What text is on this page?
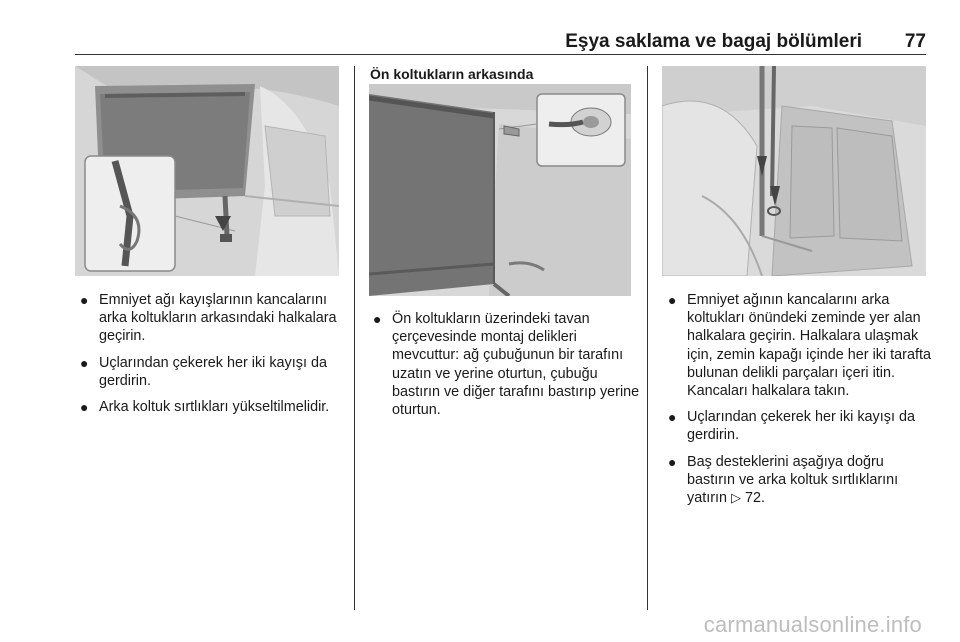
Eşya saklama ve bagaj bölümleri 77
● Emniyet ağı kayışlarının kancalarını arka koltukların arkasındaki halkalara geçirin.
● Uçlarından çekerek her iki kayışı da gerdirin.
● Arka koltuk sırtlıkları yükseltilmelidir.
Ön koltukların arkasında
● Ön koltukların üzerindeki tavan çerçevesinde montaj delikleri mevcuttur: ağ çubuğunun bir tarafını uzatın ve yerine oturtun, çubuğu bastırın ve diğer tarafını bastırıp yerine oturtun.
● Emniyet ağının kancalarını arka koltukları önündeki zeminde yer alan halkalara geçirin. Halkalara ulaşmak için, zemin kapağı içinde her iki tarafta bulunan delikli parçaları içeri itin. Kancaları halkalara takın.
● Uçlarından çekerek her iki kayışı da gerdirin.
● Baş desteklerini aşağıya doğru bastırın ve arka koltuk sırtlıklarını yatırın ▷ 72.
carmanualsonline.info
